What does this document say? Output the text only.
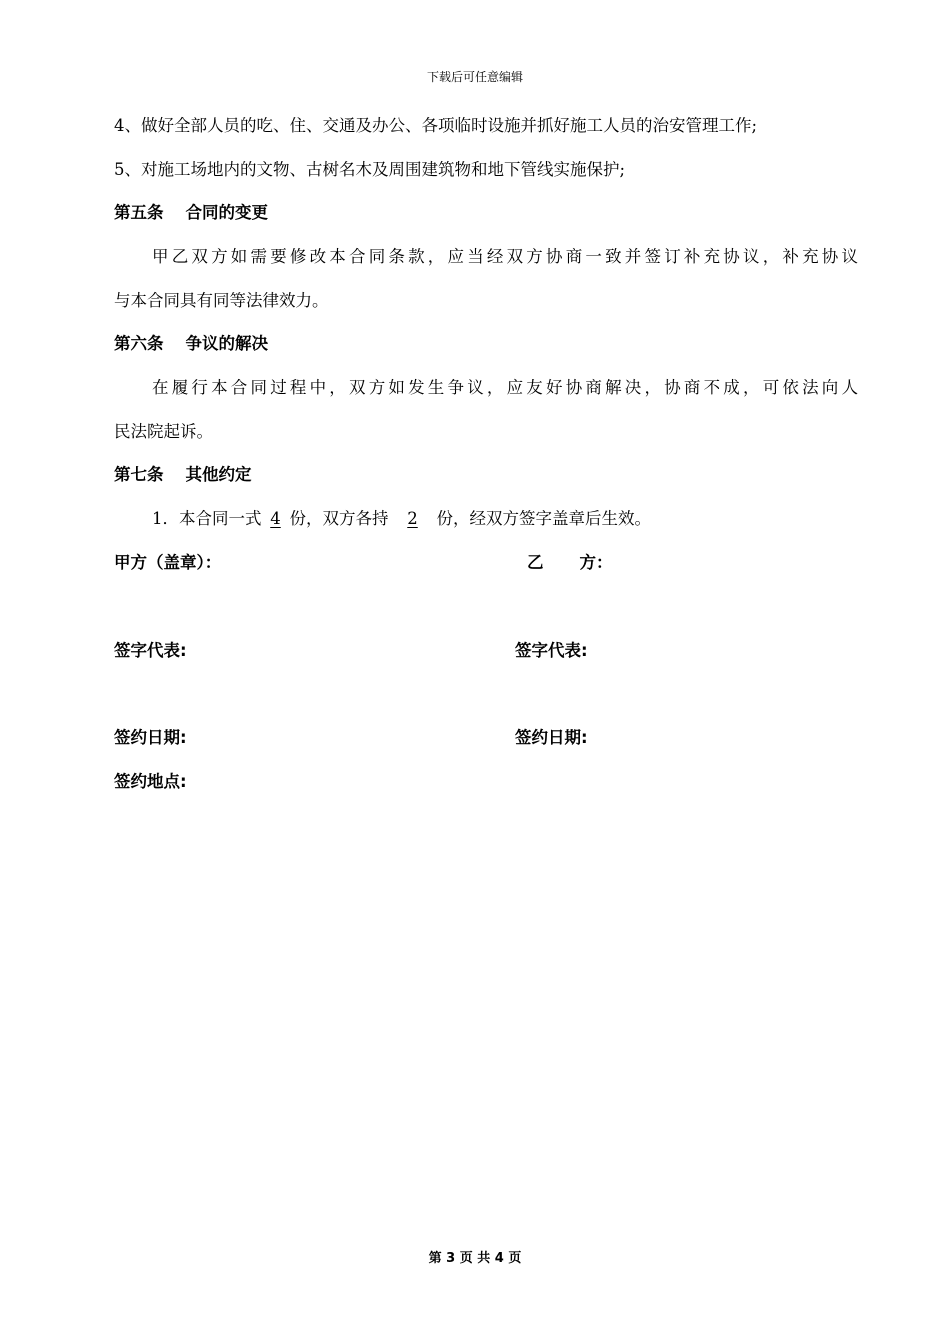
下载后可任意编辑
4、做好全部人员的吃、住、交通及办公、各项临时设施并抓好施工人员的治安管理工作;
5、对施工场地内的文物、古树名木及周围建筑物和地下管线实施保护;
第五条 合同的变更
甲乙双方如需要修改本合同条款，应当经双方协商一致并签订补充协议，补充协议
与本合同具有同等法律效力。
第六条 争议的解决
在履行本合同过程中，双方如发生争议，应友好协商解决，协商不成，可依法向人
民法院起诉。
第七条 其他约定
1．本合同一式 4 份，双方各持 2 份，经双方签字盖章后生效。
甲方（盖章）：	乙 方：
签字代表:	签字代表:
签约日期:	签约日期:
签约地点:
第 3 页 共 4 页
